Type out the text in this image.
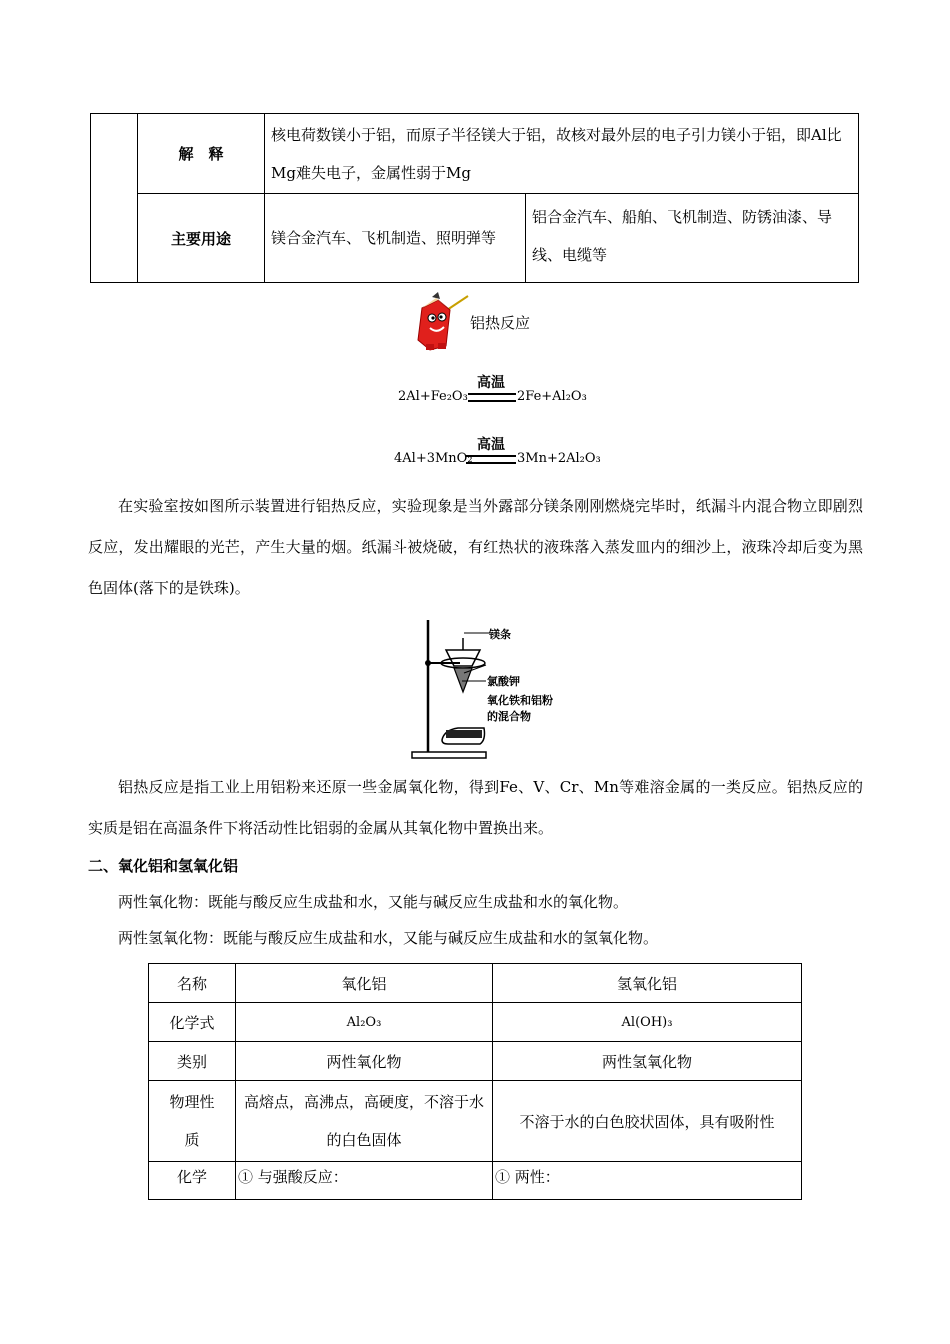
	解　释	核电荷数镁小于铝，而原子半径镁大于铝，故核对最外层的电子引力镁小于铝，即Al比Mg难失电子，金属性弱于Mg	
	主要用途	镁合金汽车、飞机制造、照明弹等	铝合金汽车、船舶、飞机制造、防锈油漆、导线、电缆等
铝热反应
高温
2Al+Fe₂O₃	2Fe+Al₂O₃
高温
4Al+3MnO₂	3Mn+2Al₂O₃
在实验室按如图所示装置进行铝热反应，实验现象是当外露部分镁条刚刚燃烧完毕时，纸漏斗内混合物立即剧烈反应，发出耀眼的光芒，产生大量的烟。纸漏斗被烧破，有红热状的液珠落入蒸发皿内的细沙上，液珠冷却后变为黑色固体(落下的是铁珠)。
镁条
氯酸钾
氧化铁和铝粉
的混合物
铝热反应是指工业上用铝粉来还原一些金属氧化物，得到Fe、V、Cr、Mn等难溶金属的一类反应。铝热反应的实质是铝在高温条件下将活动性比铝弱的金属从其氧化物中置换出来。
二、氧化铝和氢氧化铝
两性氧化物：既能与酸反应生成盐和水，又能与碱反应生成盐和水的氧化物。
两性氢氧化物：既能与酸反应生成盐和水，又能与碱反应生成盐和水的氢氧化物。
名称	氧化铝	氢氧化铝
化学式	Al₂O₃	Al(OH)₃
类别	两性氧化物	两性氢氧化物
物理性质	高熔点，高沸点，高硬度，不溶于水的白色固体	不溶于水的白色胶状固体，具有吸附性
化学	① 与强酸反应：	① 两性：
